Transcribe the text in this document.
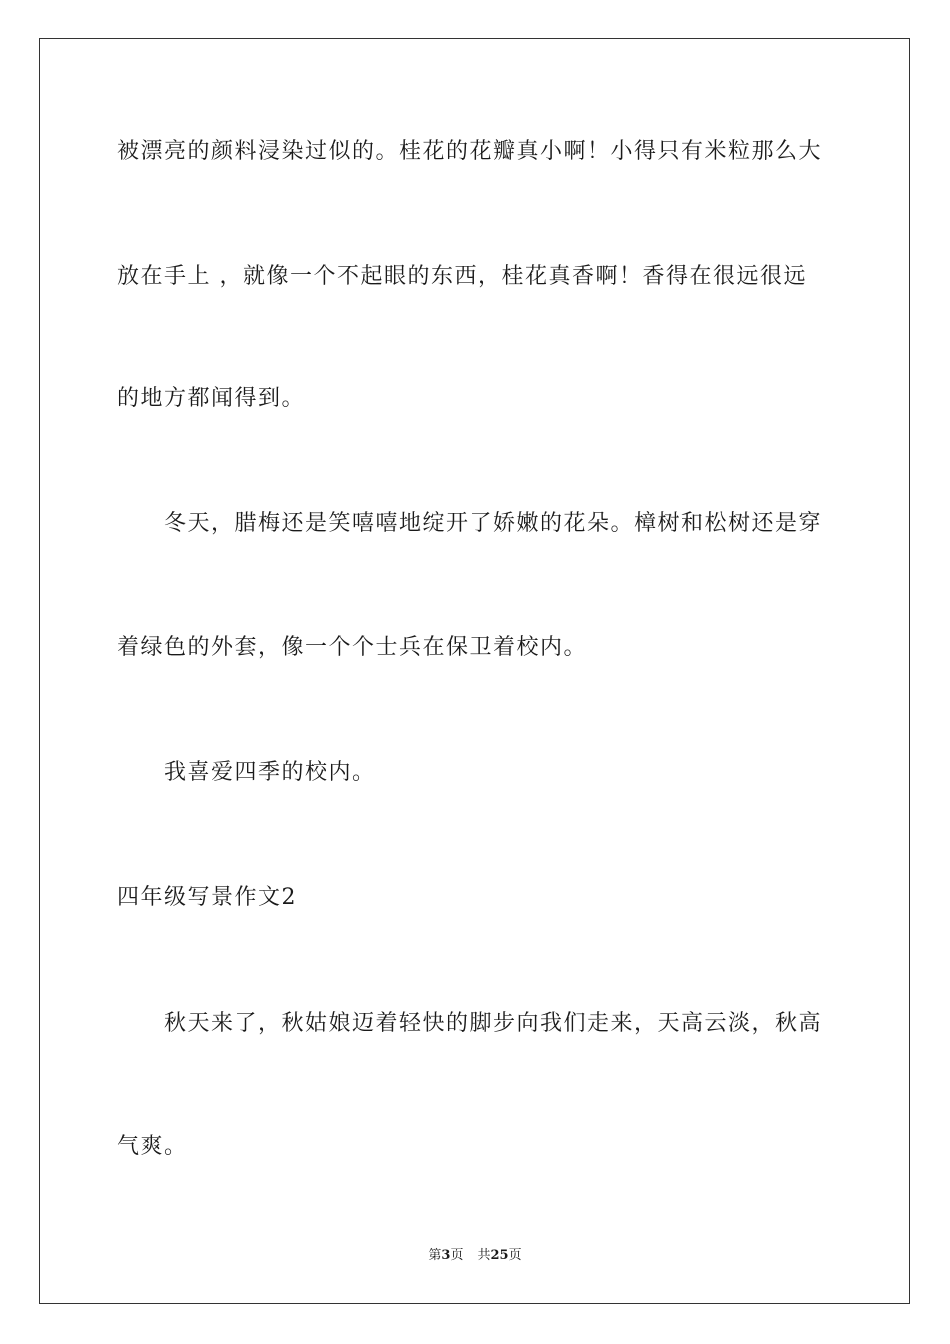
被漂亮的颜料浸染过似的。桂花的花瓣真小啊！小得只有米粒那么大
放在手上 ，就像一个不起眼的东西，桂花真香啊！香得在很远很远
的地方都闻得到。
冬天，腊梅还是笑嘻嘻地绽开了娇嫩的花朵。樟树和松树还是穿
着绿色的外套，像一个个士兵在保卫着校内。
我喜爱四季的校内。
四年级写景作文2
秋天来了，秋姑娘迈着轻快的脚步向我们走来，天高云淡，秋高
气爽。
第3页 共25页
